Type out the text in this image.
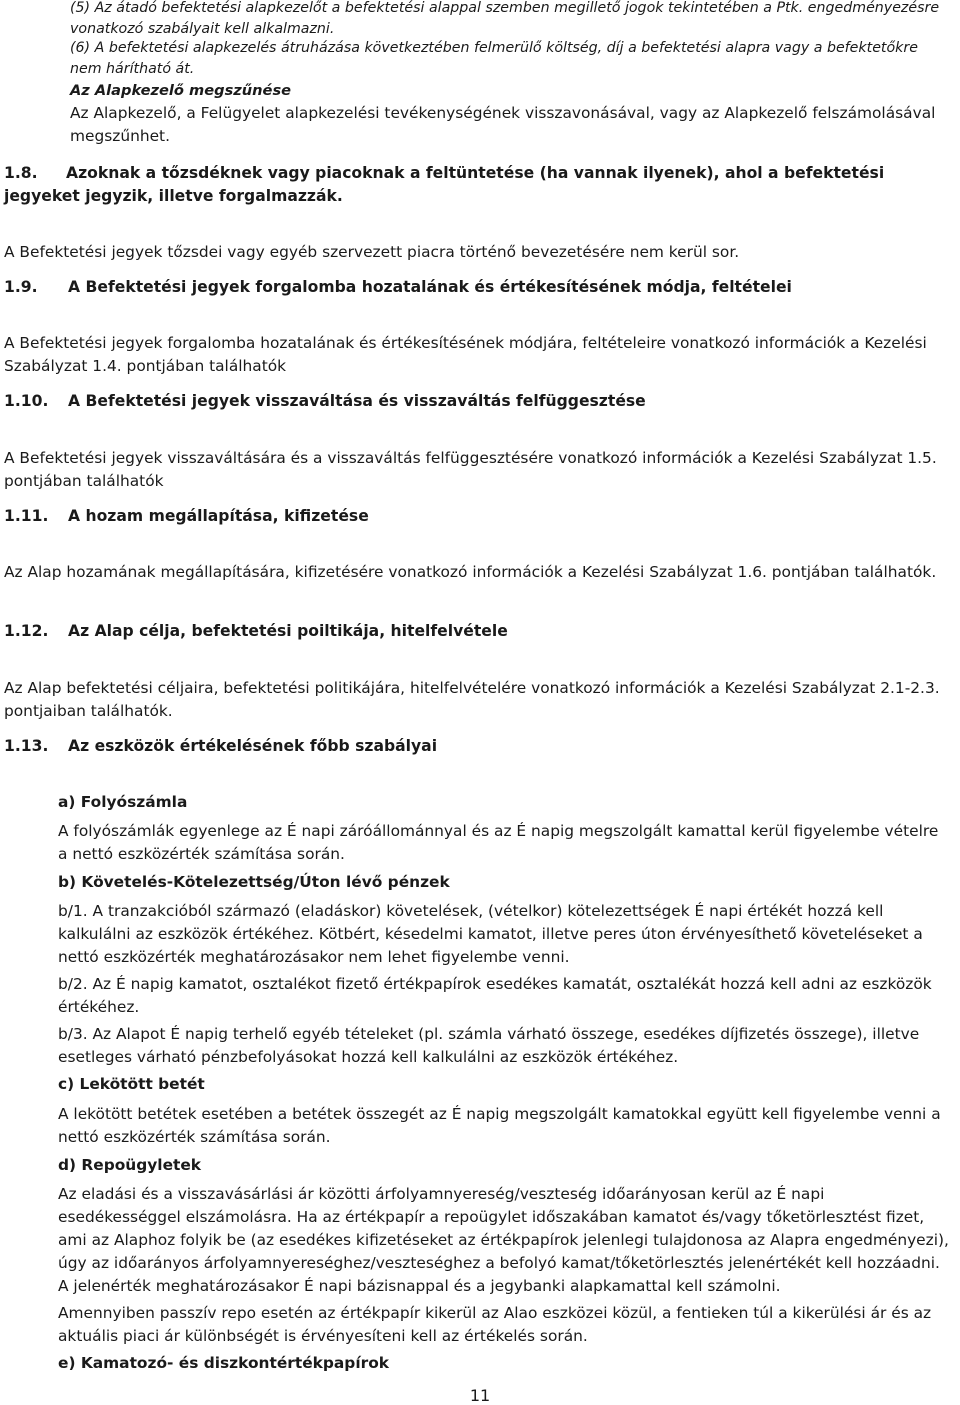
(5) Az átadó befektetési alapkezelőt a befektetési alappal szemben megillető jogok tekintetében a Ptk. engedményezésre vonatkozó szabályait kell alkalmazni.

(6) A befektetési alapkezelés átruházása következtében felmerülő költség, díj a befektetési alapra vagy a befektetőkre nem hárítható át.

Az Alapkezelő megszűnése

Az Alapkezelő, a Felügyelet alapkezelési tevékenységének visszavonásával, vagy az Alapkezelő felszámolásával megszűnhet.

1.8. Azoknak a tőzsdéknek vagy piacoknak a feltüntetése (ha vannak ilyenek), ahol a befektetési jegyeket jegyzik, illetve forgalmazzák.

A Befektetési jegyek tőzsdei vagy egyéb szervezett piacra történő bevezetésére nem kerül sor.

1.9. A Befektetési jegyek forgalomba hozatalának és értékesítésének módja, feltételei

A Befektetési jegyek forgalomba hozatalának és értékesítésének módjára, feltételeire vonatkozó információk a Kezelési Szabályzat 1.4. pontjában találhatók

1.10. A Befektetési jegyek visszaváltása és visszaváltás felfüggesztése

A Befektetési jegyek visszaváltására és a visszaváltás felfüggesztésére vonatkozó információk a Kezelési Szabályzat 1.5. pontjában találhatók

1.11. A hozam megállapítása, kifizetése

Az Alap hozamának megállapítására, kifizetésére vonatkozó információk a Kezelési Szabályzat 1.6. pontjában találhatók.

1.12. Az Alap célja, befektetési poiltikája, hitelfelvétele

Az Alap befektetési céljaira, befektetési politikájára, hitelfelvételére vonatkozó információk a Kezelési Szabályzat 2.1-2.3. pontjaiban találhatók.

1.13. Az eszközök értékelésének főbb szabályai

a) Folyószámla

A folyószámlák egyenlege az É napi záróállománnyal és az É napig megszolgált kamattal kerül figyelembe vételre a nettó eszközérték számítása során.

b) Követelés-Kötelezettség/Úton lévő pénzek

b/1. A tranzakcióból származó (eladáskor) követelések, (vételkor) kötelezettségek É napi értékét hozzá kell kalkulálni az eszközök értékéhez. Kötbért, késedelmi kamatot, illetve peres úton érvényesíthető követeléseket a nettó eszközérték meghatározásakor nem lehet figyelembe venni.

b/2. Az É napig kamatot, osztalékot fizető értékpapírok esedékes kamatát, osztalékát hozzá kell adni az eszközök értékéhez.

b/3. Az Alapot É napig terhelő egyéb tételeket (pl. számla várható összege, esedékes díjfizetés összege), illetve esetleges várható pénzbefolyásokat hozzá kell kalkulálni az eszközök értékéhez.

c) Lekötött betét

A lekötött betétek esetében a betétek összegét az É napig megszolgált kamatokkal együtt kell figyelembe venni a nettó eszközérték számítása során.

d) Repoügyletek

Az eladási és a visszavásárlási ár közötti árfolyamnyereség/veszteség időarányosan kerül az É napi esedékességgel elszámolásra. Ha az értékpapír a repoügylet időszakában kamatot és/vagy tőketörlesztést fizet, ami az Alaphoz folyik be (az esedékes kifizetéseket az értékpapírok jelenlegi tulajdonosa az Alapra engedményezi), úgy az időarányos árfolyamnyereséghez/veszteséghez a befolyó kamat/tőketörlesztés jelenértékét kell hozzáadni. A jelenérték meghatározásakor É napi bázisnappal és a jegybanki alapkamattal kell számolni.

Amennyiben passzív repo esetén az értékpapír kikerül az Alao eszközei közül, a fentieken túl a kikerülési ár és az aktuális piaci ár különbségét is érvényesíteni kell az értékelés során.

e) Kamatozó- és diszkontértékpapírok

11
